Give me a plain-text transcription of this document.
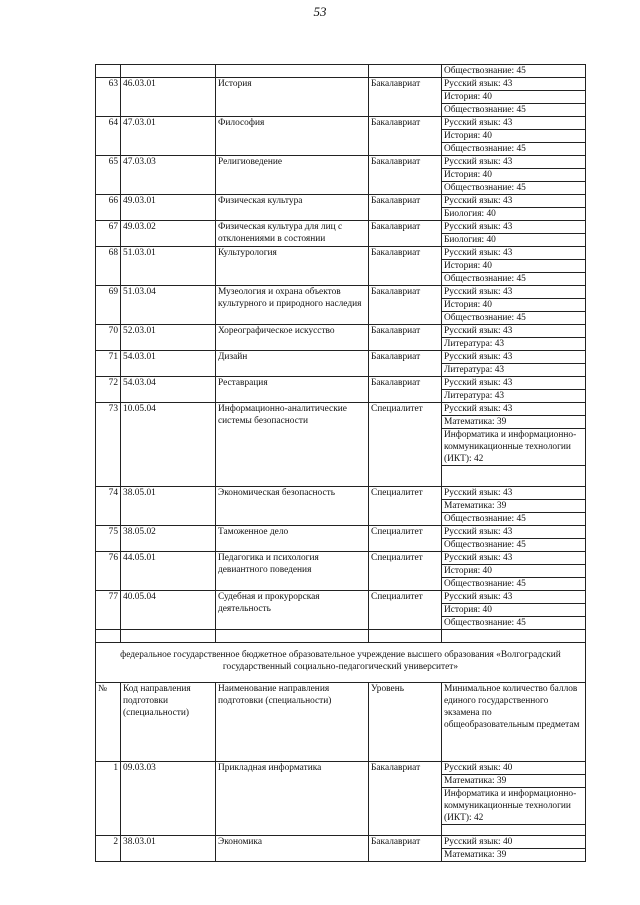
53

				Обществознание: 45

63	46.03.01	История	Бакалавриат	Русский язык: 43
История: 40
Обществознание: 45

64	47.03.01	Философия	Бакалавриат	Русский язык: 43
История: 40
Обществознание: 45

65	47.03.03	Религиоведение	Бакалавриат	Русский язык: 43
История: 40
Обществознание: 45

66	49.03.01	Физическая культура	Бакалавриат	Русский язык: 43
Биология: 40

67	49.03.02	Физическая культура для лиц с отклонениями в состоянии	Бакалавриат	Русский язык: 43
Биология: 40

68	51.03.01	Культурология	Бакалавриат	Русский язык: 43
История: 40
Обществознание: 45

69	51.03.04	Музеология и охрана объектов культурного и природного наследия	Бакалавриат	Русский язык: 43
История: 40
Обществознание: 45

70	52.03.01	Хореографическое искусство	Бакалавриат	Русский язык: 43
Литература: 43

71	54.03.01	Дизайн	Бакалавриат	Русский язык: 43
Литература: 43

72	54.03.04	Реставрация	Бакалавриат	Русский язык: 43
Литература: 43

73	10.05.04	Информационно-аналитические системы безопасности	Специалитет	Русский язык: 43
Математика: 39
Информатика и информационно-коммуникационные технологии (ИКТ): 42

74	38.05.01	Экономическая безопасность	Специалитет	Русский язык: 43
Математика: 39
Обществознание: 45

75	38.05.02	Таможенное дело	Специалитет	Русский язык: 43
Обществознание: 45

76	44.05.01	Педагогика и психология девиантного поведения	Специалитет	Русский язык: 43
История: 40
Обществознание: 45

77	40.05.04	Судебная и прокурорская деятельность	Специалитет	Русский язык: 43
История: 40
Обществознание: 45

федеральное государственное бюджетное образовательное учреждение высшего образования «Волгоградский государственный социально-педагогический университет»				
№	Код направления подготовки (специальности)	Наименование направления подготовки (специальности)	Уровень	Минимальное количество баллов единого государственного экзамена по общеобразовательным предметам
1	09.03.03	Прикладная информатика	Бакалавриат	Русский язык: 40
Математика: 39
Информатика и информационно-коммуникационные технологии (ИКТ): 42

2	38.03.01	Экономика	Бакалавриат	Русский язык: 40
Математика: 39
